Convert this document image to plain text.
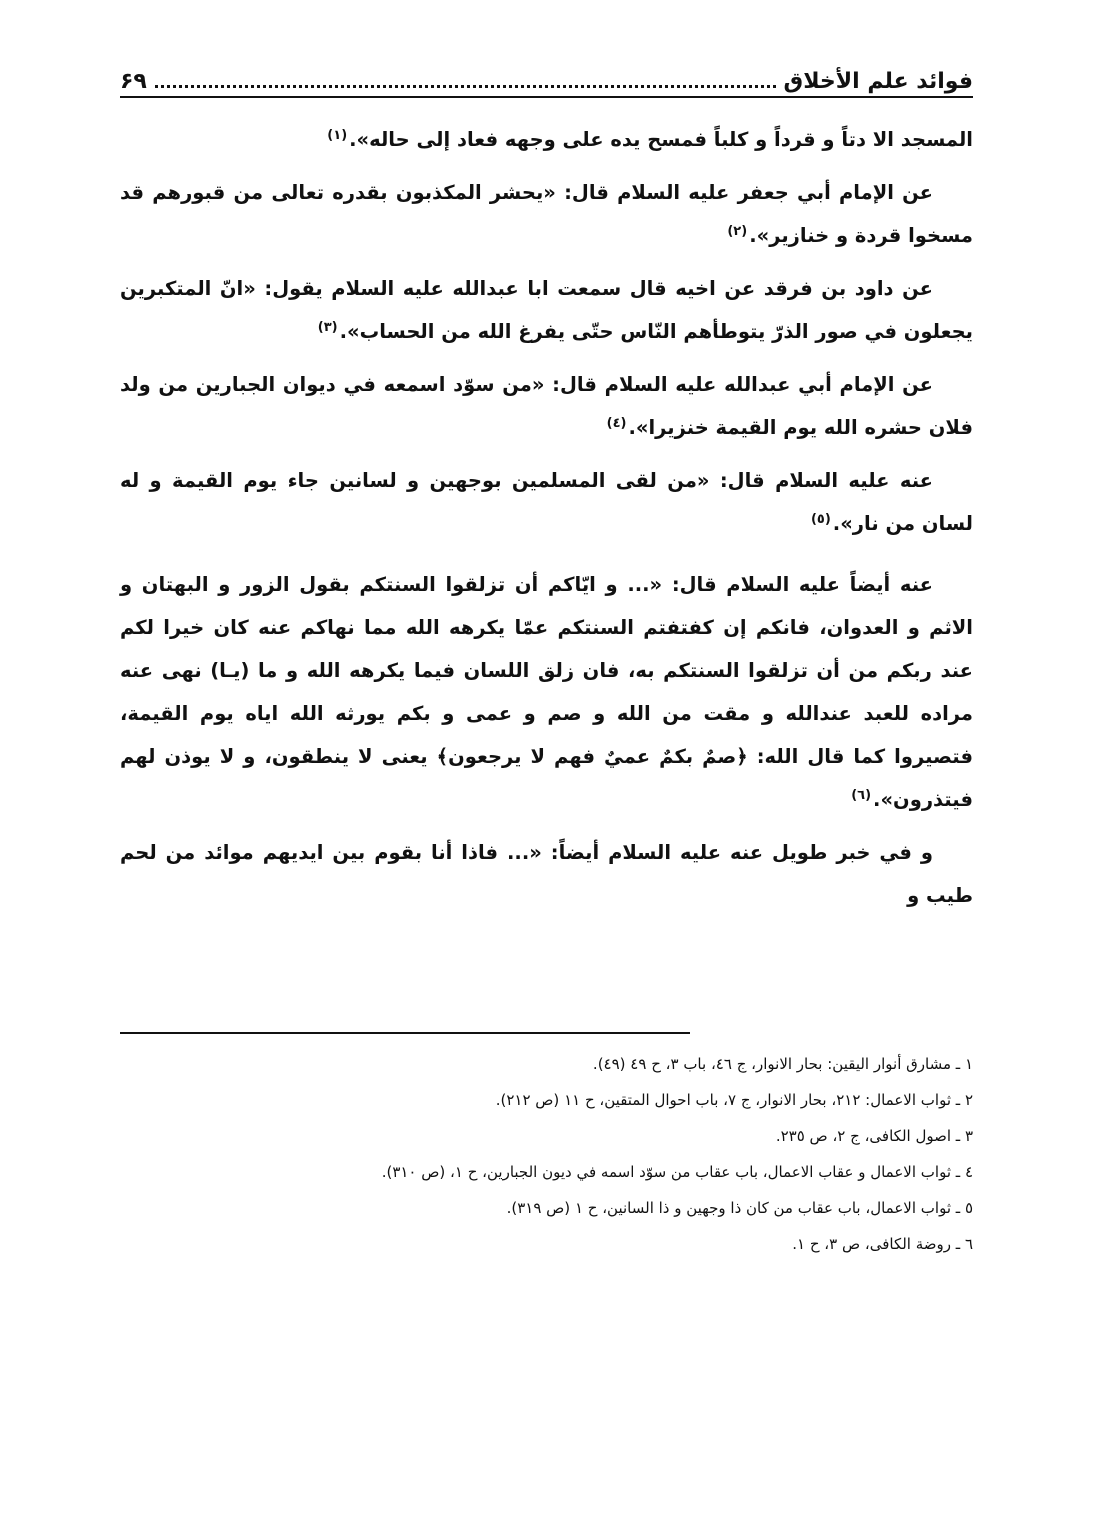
فوائد علم الأخلاق
۶۹

المسجد الا دتاً و قرداً و كلباً فمسح يده على وجهه فعاد إلى حاله».$^{(١)}$

عن الإمام أبي جعفر عليه السلام قال: «يحشر المكذبون بقدره تعالى من قبورهم قد مسخوا قردة و خنازير».$^{(٢)}$

عن داود بن فرقد عن اخيه قال سمعت ابا عبدالله عليه السلام يقول: «انّ المتكبرين يجعلون في صور الذرّ يتوطأهم النّاس حتّى يفرغ الله من الحساب».$^{(٣)}$

عن الإمام أبي عبدالله عليه السلام قال: «من سوّد اسمعه في ديوان الجبارين من ولد فلان حشره الله يوم القيمة خنزيرا».$^{(٤)}$

عنه عليه السلام قال: «من لقى المسلمين بوجهين و لسانين جاء يوم القيمة و له لسان من نار».$^{(٥)}$

عنه أيضاً عليه السلام قال: «... و ايّاكم أن تزلقوا السنتكم بقول الزور و البهتان و الاثم و العدوان، فانكم إن كفتفتم السنتكم عمّا يكرهه الله مما نهاكم عنه كان خيرا لكم عند ربكم من أن تزلقوا السنتكم به، فان زلق اللسان فيما يكرهه الله و ما (يـا) نهى عنه مراده للعبد عندالله و مقت من الله و صم و عمى و بكم يورثه الله اياه يوم القيمة، فتصيروا كما قال الله: ﴿صمٌ بكمٌ عميٌ فهم لا يرجعون﴾ يعنى لا ينطقون، و لا يوذن لهم فيتذرون».$^{(٦)}$

و في خبر طويل عنه عليه السلام أيضاً: «... فاذا أنا بقوم بين ايديهم موائد من لحم طيب و

١ ـ مشارق أنوار اليقين: بحار الانوار، ج ٤٦، باب ٣، ح ٤٩ (٤٩).
٢ ـ ثواب الاعمال: ٢١٢، بحار الانوار، ج ٧، باب احوال المتقين، ح ١١ (ص ٢١٢).
٣ ـ اصول الكافى، ج ٢، ص ٢٣٥.
٤ ـ ثواب الاعمال و عقاب الاعمال، باب عقاب من سوّد اسمه في ديون الجبارين، ح ١، (ص ٣١٠).
٥ ـ ثواب الاعمال، باب عقاب من كان ذا وجهين و ذا السانين، ح ١ (ص ٣١٩).
٦ ـ روضة الكافى، ص ٣، ح ١.
